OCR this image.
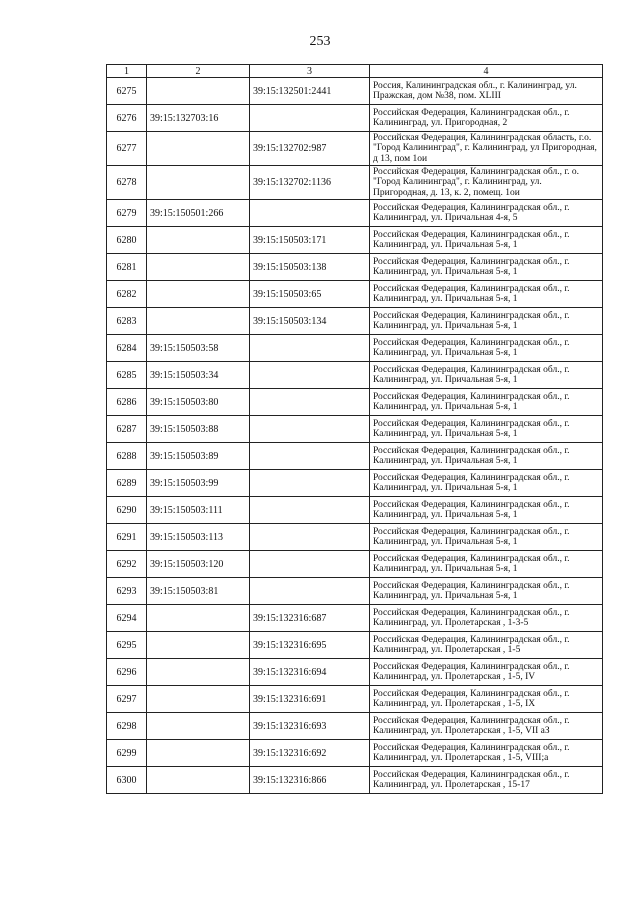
253
1	2	3	4
6275		39:15:132501:2441	Россия, Калининградская обл., г. Калининград, ул. Пражская, дом №38, пом. XLIII
6276	39:15:132703:16		Российская Федерация, Калининградская обл., г. Калининград, ул. Пригородная, 2
6277		39:15:132702:987	Российская Федерация, Калининградская область, г.о. "Город Калининград", г. Калининград, ул Пригородная, д 13, пом 1ои
6278		39:15:132702:1136	Российская Федерация, Калининградская обл., г. о. "Город Калининград", г. Калининград, ул. Пригородная, д. 13, к. 2, помещ. 1ои
6279	39:15:150501:266		Российская Федерация, Калининградская обл., г. Калининград, ул. Причальная 4-я, 5
6280		39:15:150503:171	Российская Федерация, Калининградская обл., г. Калининград, ул. Причальная 5-я, 1
6281		39:15:150503:138	Российская Федерация, Калининградская обл., г. Калининград, ул. Причальная 5-я, 1
6282		39:15:150503:65	Российская Федерация, Калининградская обл., г. Калининград, ул. Причальная 5-я, 1
6283		39:15:150503:134	Российская Федерация, Калининградская обл., г. Калининград, ул. Причальная 5-я, 1
6284	39:15:150503:58		Российская Федерация, Калининградская обл., г. Калининград, ул. Причальная 5-я, 1
6285	39:15:150503:34		Российская Федерация, Калининградская обл., г. Калининград, ул. Причальная 5-я, 1
6286	39:15:150503:80		Российская Федерация, Калининградская обл., г. Калининград, ул. Причальная 5-я, 1
6287	39:15:150503:88		Российская Федерация, Калининградская обл., г. Калининград, ул. Причальная 5-я, 1
6288	39:15:150503:89		Российская Федерация, Калининградская обл., г. Калининград, ул. Причальная 5-я, 1
6289	39:15:150503:99		Российская Федерация, Калининградская обл., г. Калининград, ул. Причальная 5-я, 1
6290	39:15:150503:111		Российская Федерация, Калининградская обл., г. Калининград, ул. Причальная 5-я, 1
6291	39:15:150503:113		Российская Федерация, Калининградская обл., г. Калининград, ул. Причальная 5-я, 1
6292	39:15:150503:120		Российская Федерация, Калининградская обл., г. Калининград, ул. Причальная 5-я, 1
6293	39:15:150503:81		Российская Федерация, Калининградская обл., г. Калининград, ул. Причальная 5-я, 1
6294		39:15:132316:687	Российская Федерация, Калининградская обл., г. Калининград, ул. Пролетарская , 1-3-5
6295		39:15:132316:695	Российская Федерация, Калининградская обл., г. Калининград, ул. Пролетарская , 1-5
6296		39:15:132316:694	Российская Федерация, Калининградская обл., г. Калининград, ул. Пролетарская , 1-5, IV
6297		39:15:132316:691	Российская Федерация, Калининградская обл., г. Калининград, ул. Пролетарская , 1-5, IX
6298		39:15:132316:693	Российская Федерация, Калининградская обл., г. Калининград, ул. Пролетарская , 1-5, VII аЗ
6299		39:15:132316:692	Российская Федерация, Калининградская обл., г. Калининград, ул. Пролетарская , 1-5, VIII;а
6300		39:15:132316:866	Российская Федерация, Калининградская обл., г. Калининград, ул. Пролетарская , 15-17
